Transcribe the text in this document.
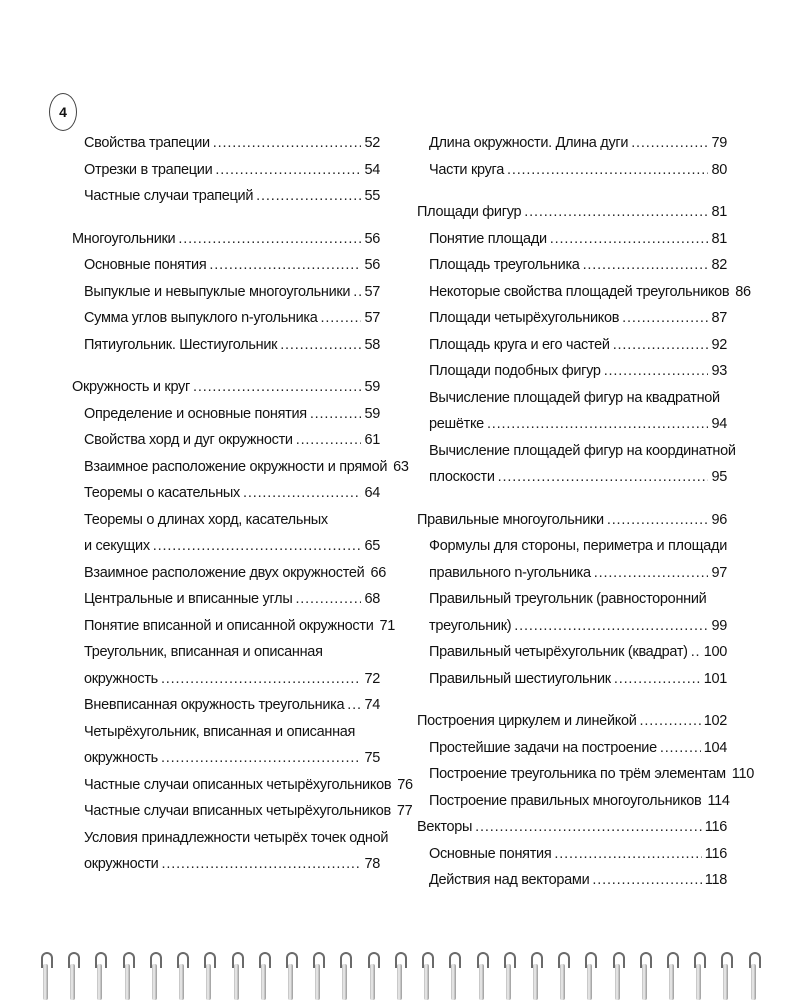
4
Свойства трапеции . . .	52
Отрезки в трапеции . . .	54
Частные случаи трапеций . . .	55
Многоугольники . . .	56
Основные понятия . . .	56
Выпуклые и невыпуклые многоугольники . . . 57
Сумма углов выпуклого n-угольника . . .	57
Пятиугольник. Шестиугольник . . .	58
Окружность и круг . . .	59
Определение и основные понятия . . .	59
Свойства хорд и дуг окружности . . .	61
Взаимное расположение окружности и прямой 63
Теоремы о касательных . . .	64
Теоремы о длинах хорд, касательных
и секущих . . .	65
Взаимное расположение двух окружностей 66
Центральные и вписанные углы . . .	68
Понятие вписанной и описанной окружности 71
Треугольник, вписанная и описанная
окружность . . .	72
Вневписанная окружность треугольника . . . 74
Четырёхугольник, вписанная и описанная
окружность . . .	75
Частные случаи описанных четырёхугольников 76
Частные случаи вписанных четырёхугольников 77
Условия принадлежности четырёх точек одной
окружности . . .	78
Длина окружности. Длина дуги . . .	79
Части круга . . .	80
Площади фигур . . .	81
Понятие площади . . .	81
Площадь треугольника . . .	82
Некоторые свойства площадей треугольников 86
Площади четырёхугольников . . .	87
Площадь круга и его частей . . .	92
Площади подобных фигур . . .	93
Вычисление площадей фигур на квадратной
решётке . . .	94
Вычисление площадей фигур на координатной
плоскости . . .	95
Правильные многоугольники . . .	96
Формулы для стороны, периметра и площади
правильного n-угольника . . .	97
Правильный треугольник (равносторонний
треугольник) . . .	99
Правильный четырёхугольник (квадрат) . . . 100
Правильный шестиугольник . . .	101
Построения циркулем и линейкой . . .	102
Простейшие задачи на построение . . .	104
Построение треугольника по трём элементам 110
Построение правильных многоугольников 114
Векторы . . .	116
Основные понятия . . .	116
Действия над векторами . . .	118
